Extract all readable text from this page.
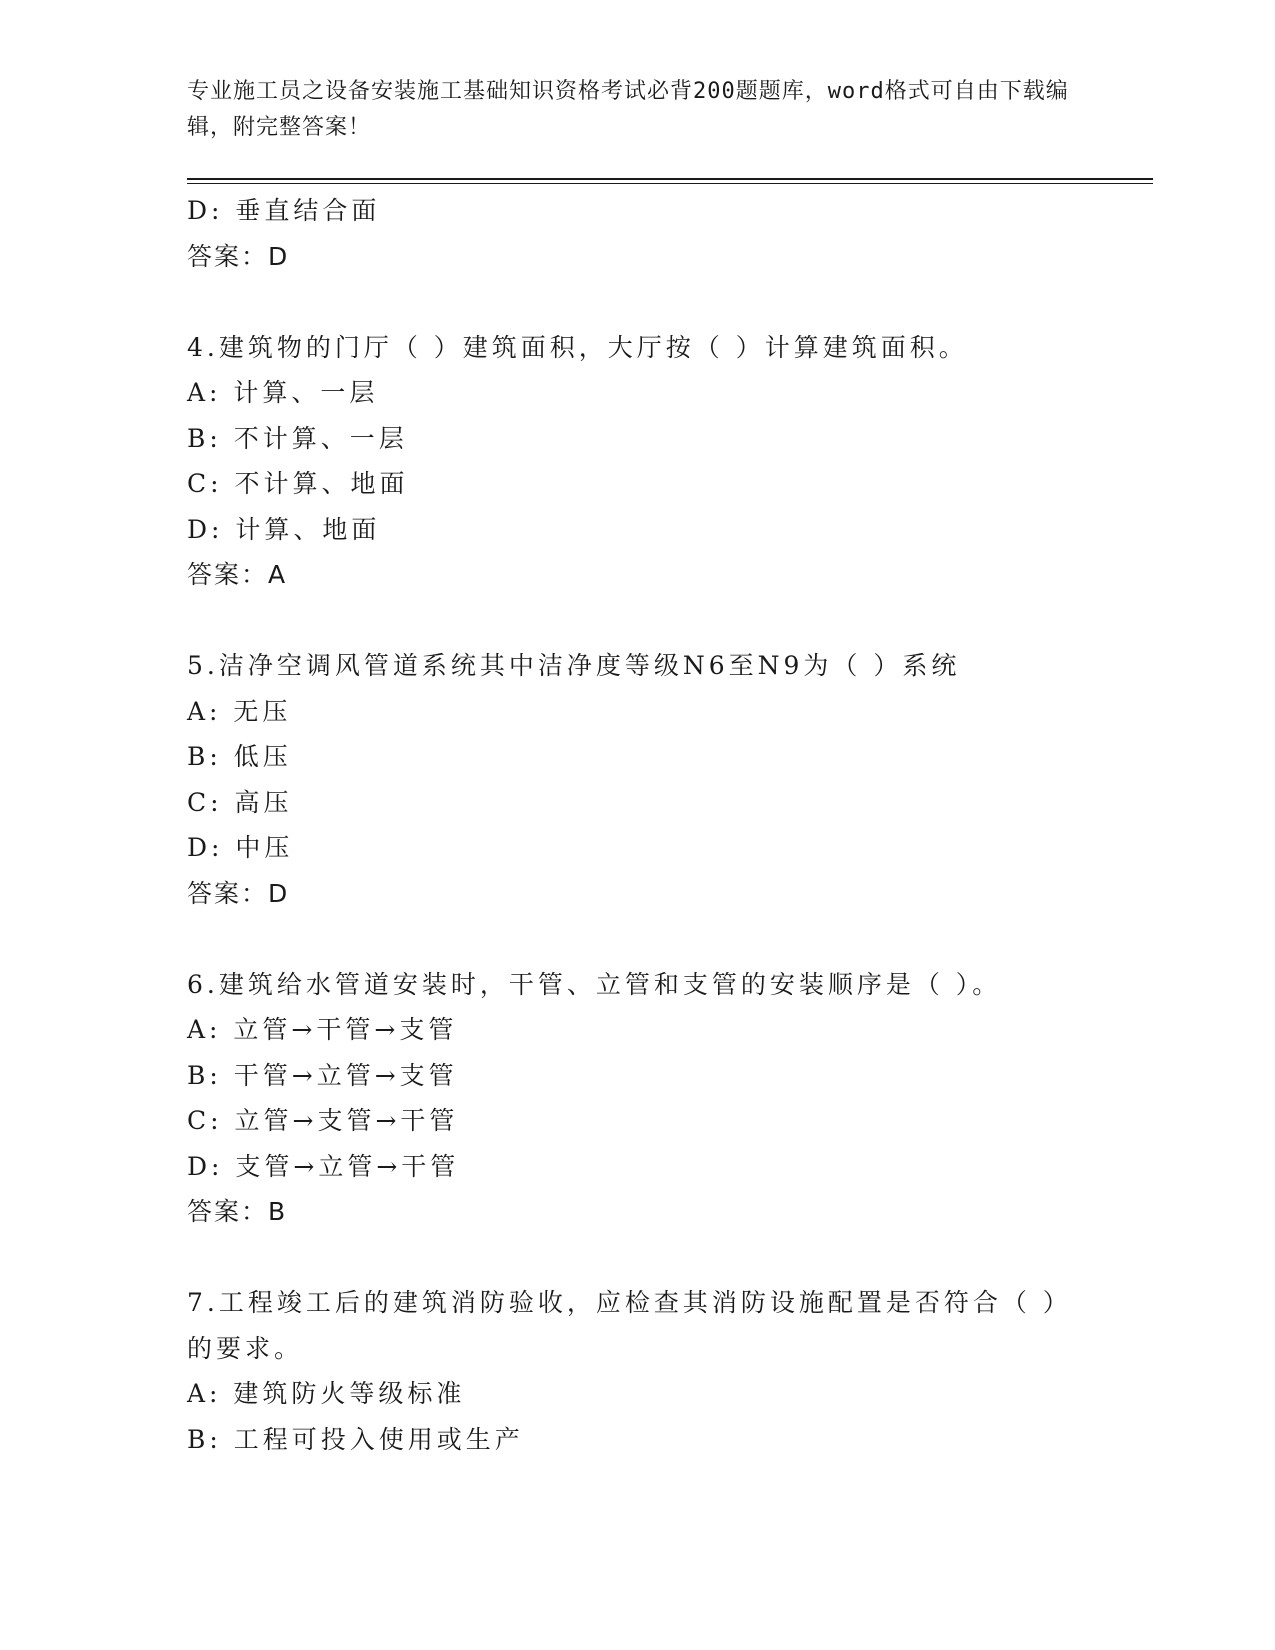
专业施工员之设备安装施工基础知识资格考试必背200题题库，word格式可自由下载编辑，附完整答案！
D: 垂直结合面
答案：D
4.建筑物的门厅（ ）建筑面积，大厅按（ ）计算建筑面积。
A: 计算、一层
B: 不计算、一层
C: 不计算、地面
D: 计算、地面
答案：A
5.洁净空调风管道系统其中洁净度等级N6至N9为（ ）系统
A: 无压
B: 低压
C: 高压
D: 中压
答案：D
6.建筑给水管道安装时，干管、立管和支管的安装顺序是（ ）。
A: 立管→干管→支管
B: 干管→立管→支管
C: 立管→支管→干管
D: 支管→立管→干管
答案：B
7.工程竣工后的建筑消防验收，应检查其消防设施配置是否符合（ ）的要求。
A: 建筑防火等级标准
B: 工程可投入使用或生产
